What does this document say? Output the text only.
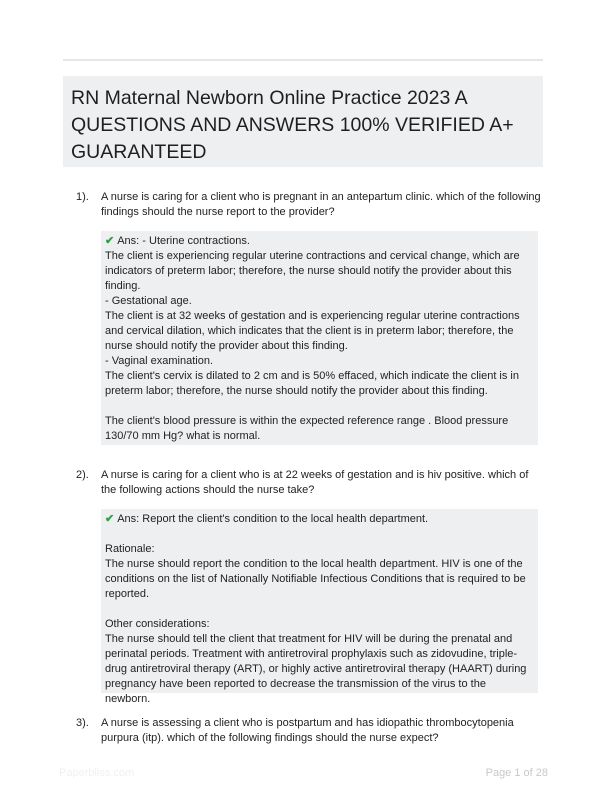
RN Maternal Newborn Online Practice 2023 A QUESTIONS AND ANSWERS 100% VERIFIED A+ GUARANTEED
1). A nurse is caring for a client who is pregnant in an antepartum clinic. which of the following findings should the nurse report to the provider?
✔ Ans: - Uterine contractions.
The client is experiencing regular uterine contractions and cervical change, which are indicators of preterm labor; therefore, the nurse should notify the provider about this finding.
- Gestational age.
The client is at 32 weeks of gestation and is experiencing regular uterine contractions and cervical dilation, which indicates that the client is in preterm labor; therefore, the nurse should notify the provider about this finding.
- Vaginal examination.
The client's cervix is dilated to 2 cm and is 50% effaced, which indicate the client is in preterm labor; therefore, the nurse should notify the provider about this finding.
The client's blood pressure is within the expected reference range . Blood pressure 130/70 mm Hg? what is normal.
2). A nurse is caring for a client who is at 22 weeks of gestation and is hiv positive. which of the following actions should the nurse take?
✔ Ans: Report the client's condition to the local health department.
Rationale:
The nurse should report the condition to the local health department. HIV is one of the conditions on the list of Nationally Notifiable Infectious Conditions that is required to be reported.
Other considerations:
The nurse should tell the client that treatment for HIV will be during the prenatal and perinatal periods. Treatment with antiretroviral prophylaxis such as zidovudine, triple-drug antiretroviral therapy (ART), or highly active antiretroviral therapy (HAART) during pregnancy have been reported to decrease the transmission of the virus to the newborn.
3). A nurse is assessing a client who is postpartum and has idiopathic thrombocytopenia purpura (itp). which of the following findings should the nurse expect?
Paperbliss.com	Page 1 of 28
